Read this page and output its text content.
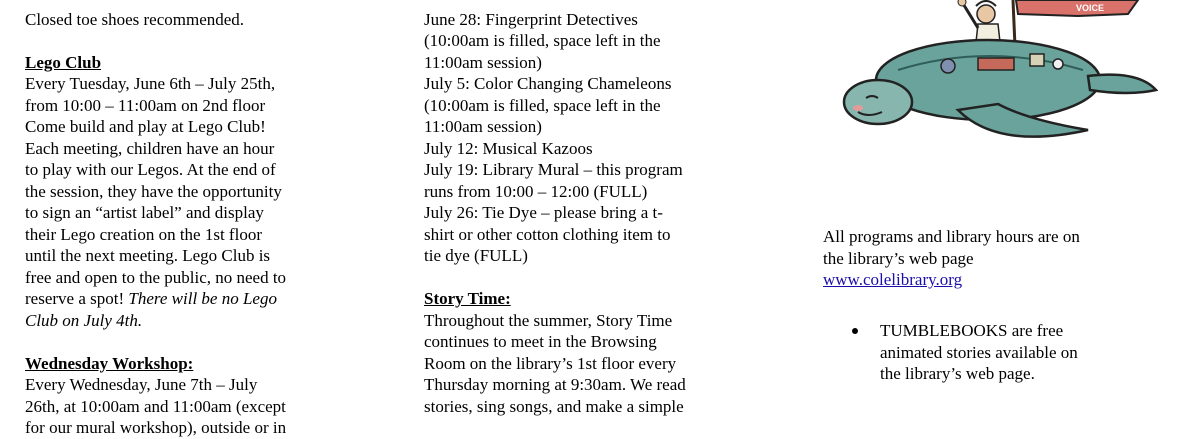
Closed toe shoes recommended.

Lego Club

Every Tuesday, June 6th – July 25th,

from 10:00 – 11:00am on 2nd floor

Come build and play at Lego Club!

Each meeting, children have an hour

to play with our Legos. At the end of

the session, they have the opportunity

to sign an “artist label” and display

their Lego creation on the 1st floor

until the next meeting. Lego Club is

free and open to the public, no need to

reserve a spot! There will be no Lego

Club on July 4th.

Wednesday Workshop:

Every Wednesday, June 7th – July

26th, at 10:00am and 11:00am (except

for our mural workshop), outside or in

June 28: Fingerprint Detectives

(10:00am is filled, space left in the

11:00am session)

July 5: Color Changing Chameleons

(10:00am is filled, space left in the

11:00am session)

July 12: Musical Kazoos

July 19: Library Mural – this program

runs from 10:00 – 12:00 (FULL)

July 26: Tie Dye – please bring a t-

shirt or other cotton clothing item to

tie dye (FULL)

Story Time:

Throughout the summer, Story Time

continues to meet in the Browsing

Room on the library’s 1st floor every

Thursday morning at 9:30am. We read

stories, sing songs, and make a simple

VOICE

All programs and library hours are on

the library’s web page

www.colelibrary.org

TUMBLEBOOKS are free

animated stories available on

the library’s web page.
